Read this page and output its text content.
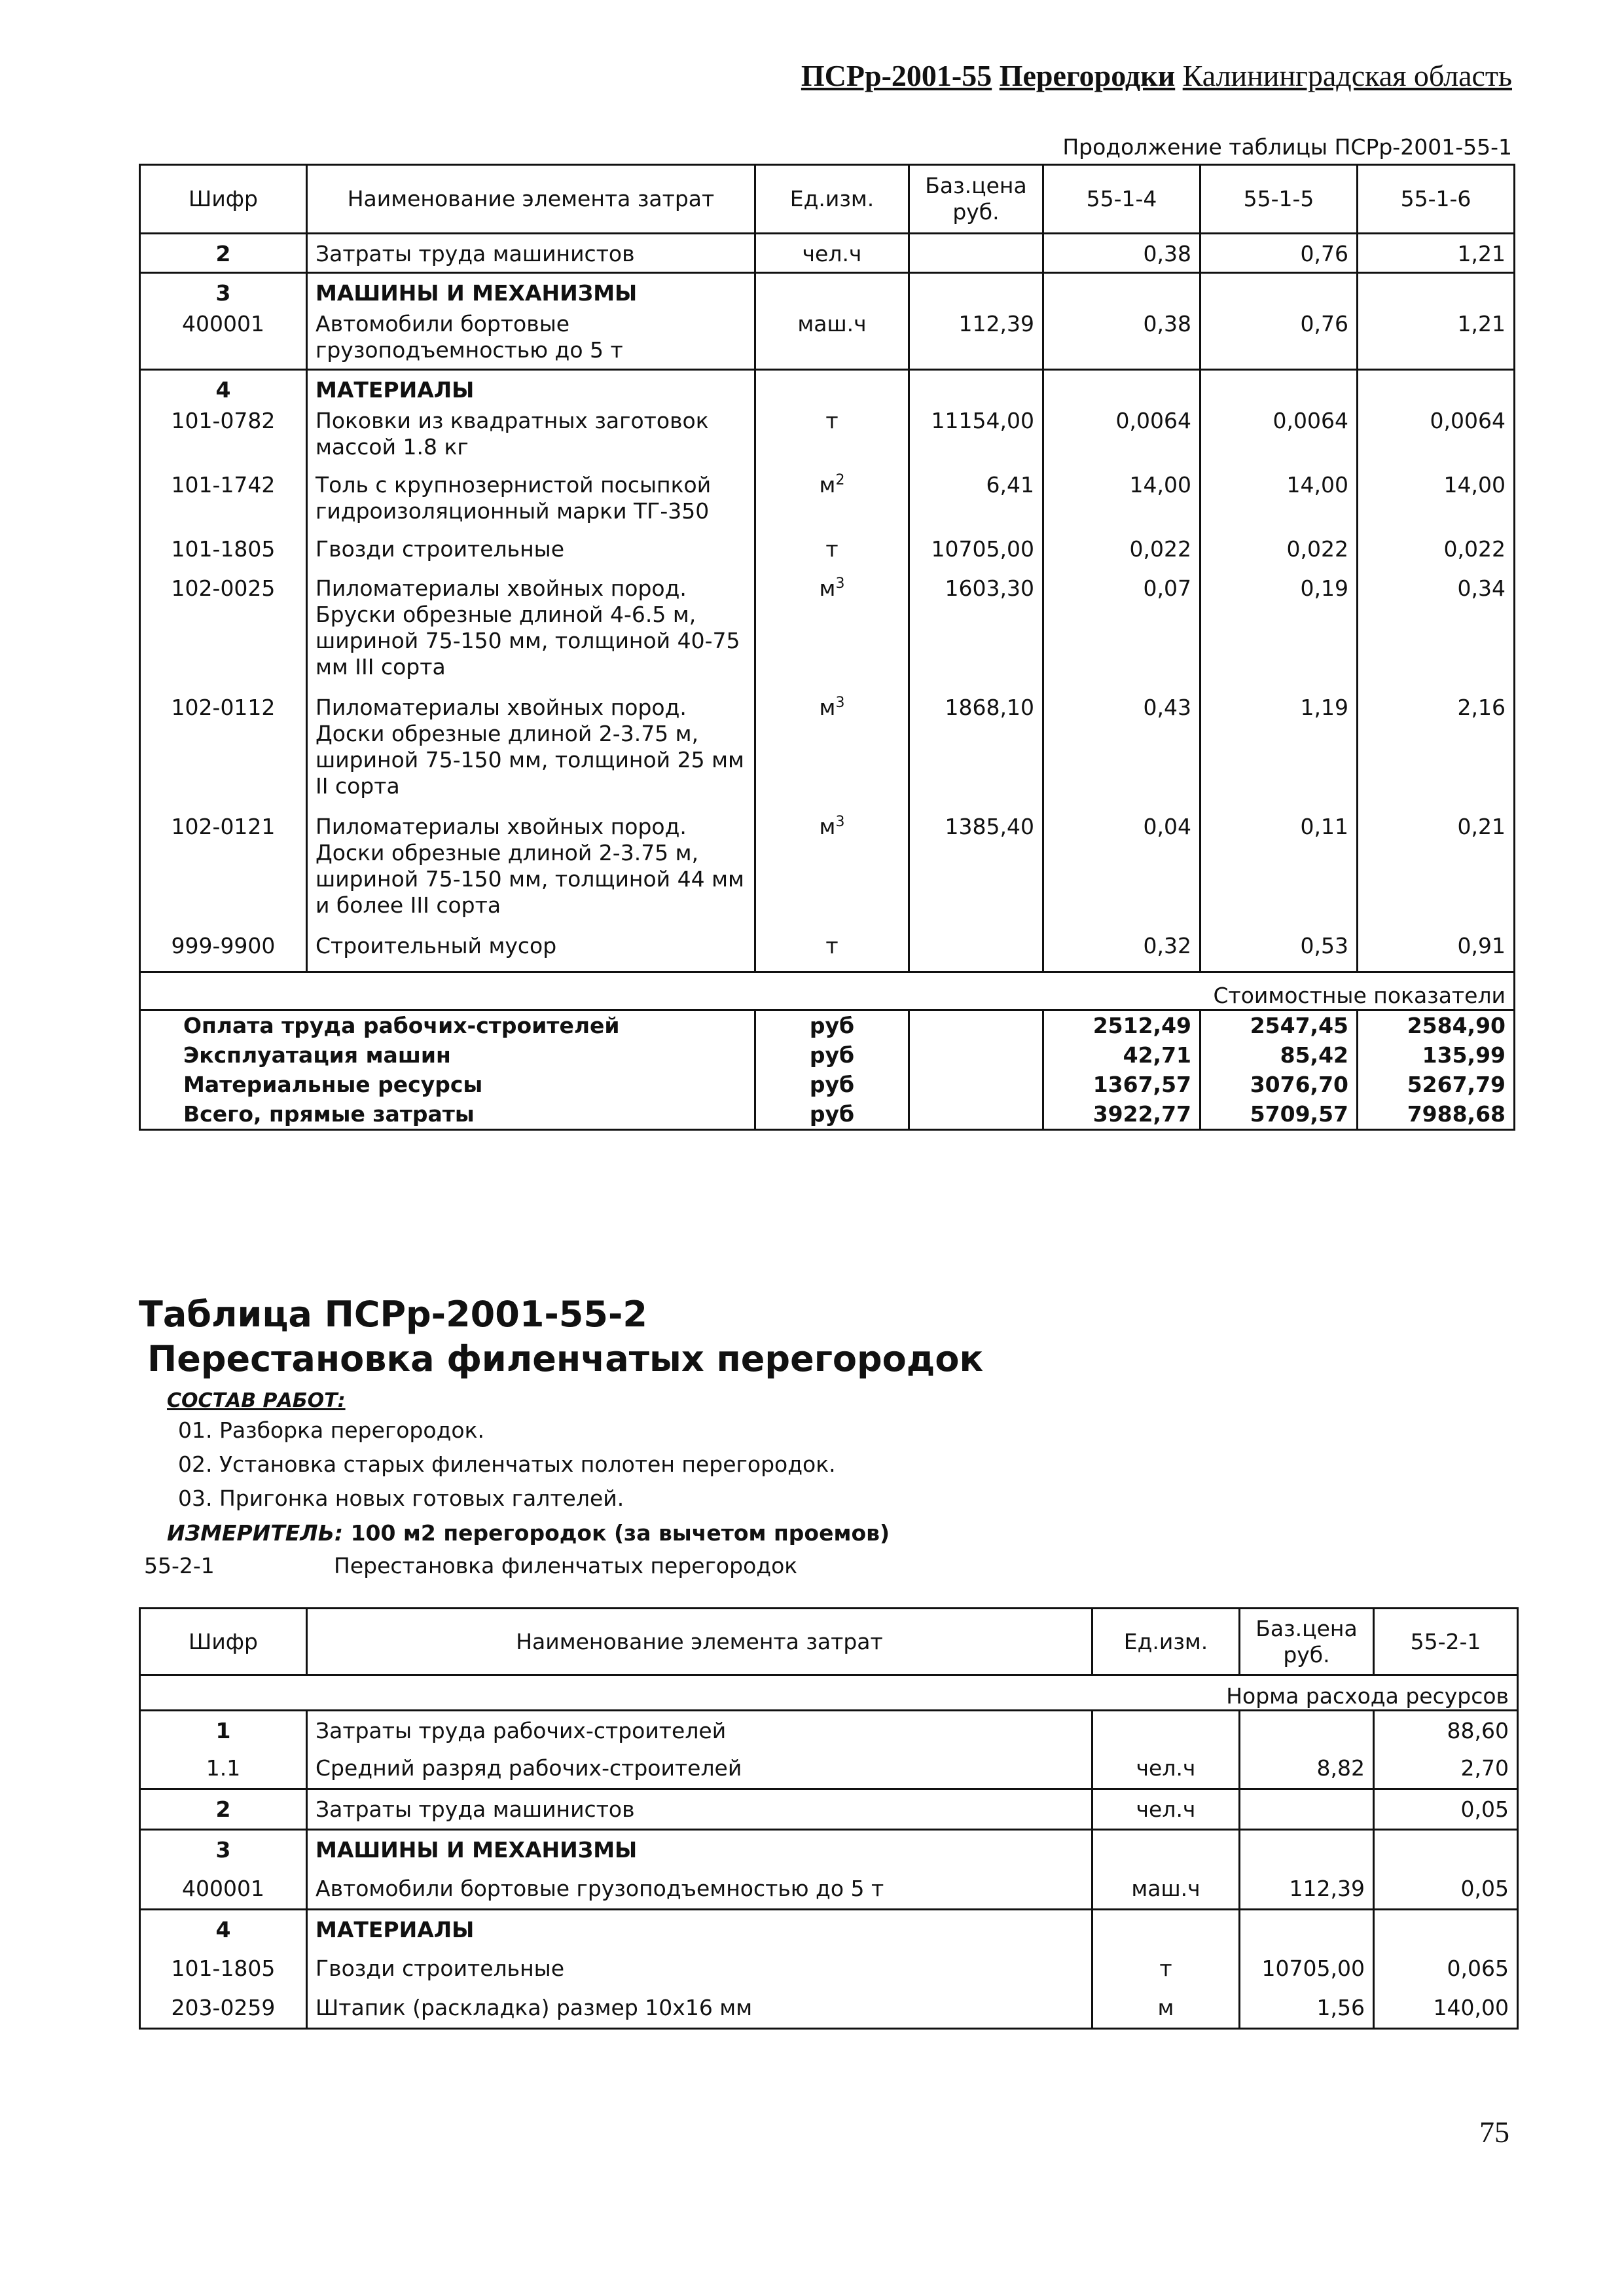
ПСРр-2001-55 Перегородки Калининградская область
Продолжение таблицы ПСРр-2001-55-1
Шифр	Наименование элемента затрат	Ед.изм.	Баз.цена руб.	55-1-4	55-1-5	55-1-6
2	Затраты труда машинистов	чел.ч		0,38	0,76	1,21
3	МАШИНЫ И МЕХАНИЗМЫ					
400001	Автомобили бортовые грузоподъемностью до 5 т	маш.ч	112,39	0,38	0,76	1,21
4	МАТЕРИАЛЫ					
101-0782	Поковки из квадратных заготовок массой 1.8 кг	т	11154,00	0,0064	0,0064	0,0064
101-1742	Толь с крупнозернистой посыпкой гидроизоляционный марки ТГ-350	$м^2$	6,41	14,00	14,00	14,00
101-1805	Гвозди строительные	т	10705,00	0,022	0,022	0,022
102-0025	Пиломатериалы хвойных пород. Бруски обрезные длиной 4-6.5 м, шириной 75-150 мм, толщиной 40-75 мм III сорта	$м^3$	1603,30	0,07	0,19	0,34
102-0112	Пиломатериалы хвойных пород. Доски обрезные длиной 2-3.75 м, шириной 75-150 мм, толщиной 25 мм II сорта	$м^3$	1868,10	0,43	1,19	2,16
102-0121	Пиломатериалы хвойных пород. Доски обрезные длиной 2-3.75 м, шириной 75-150 мм, толщиной 44 мм и более III сорта	$м^3$	1385,40	0,04	0,11	0,21
999-9900	Строительный мусор	т		0,32	0,53	0,91
Стоимостные показатели						
Оплата труда рабочих-строителей		руб		2512,49	2547,45	2584,90
Эксплуатация машин		руб		42,71	85,42	135,99
Материальные ресурсы		руб		1367,57	3076,70	5267,79
Всего, прямые затраты		руб		3922,77	5709,57	7988,68
Таблица ПСРр-2001-55-2
Перестановка филенчатых перегородок
СОСТАВ РАБОТ:
01. Разборка перегородок.
02. Установка старых филенчатых полотен перегородок.
03. Пригонка новых готовых галтелей.
ИЗМЕРИТЕЛЬ: 100 м2 перегородок (за вычетом проемов)
55-2-1	Перестановка филенчатых перегородок
Шифр	Наименование элемента затрат	Ед.изм.	Баз.цена руб.	55-2-1
Норма расхода ресурсов				
1	Затраты труда рабочих-строителей			88,60
1.1	Средний разряд рабочих-строителей	чел.ч	8,82	2,70
2	Затраты труда машинистов	чел.ч		0,05
3	МАШИНЫ И МЕХАНИЗМЫ			
400001	Автомобили бортовые грузоподъемностью до 5 т	маш.ч	112,39	0,05
4	МАТЕРИАЛЫ			
101-1805	Гвозди строительные	т	10705,00	0,065
203-0259	Штапик (раскладка) размер 10х16 мм	м	1,56	140,00
75
